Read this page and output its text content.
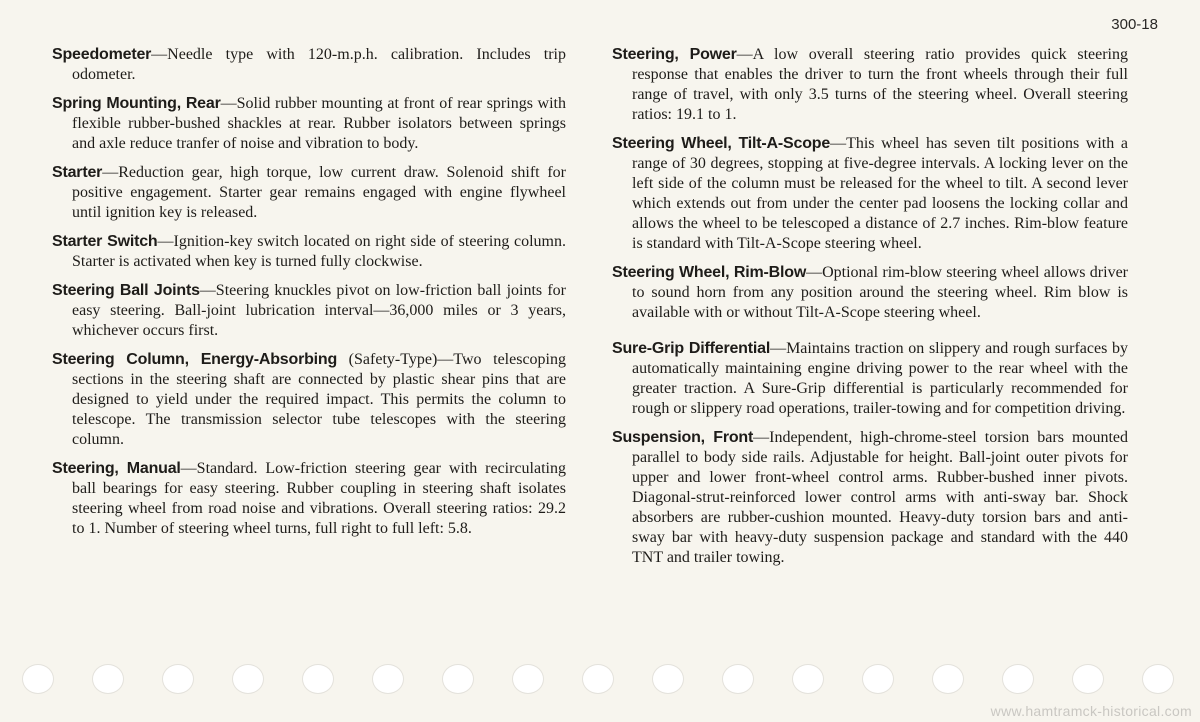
300-18

Speedometer—Needle type with 120-m.p.h. calibration. Includes trip odometer.

Spring Mounting, Rear—Solid rubber mounting at front of rear springs with flexible rubber-bushed shackles at rear. Rubber isolators between springs and axle reduce tranfer of noise and vibration to body.

Starter—Reduction gear, high torque, low current draw. Solenoid shift for positive engagement. Starter gear remains engaged with engine flywheel until ignition key is released.

Starter Switch—Ignition-key switch located on right side of steering column. Starter is activated when key is turned fully clockwise.

Steering Ball Joints—Steering knuckles pivot on low-friction ball joints for easy steering. Ball-joint lubrication interval—36,000 miles or 3 years, whichever occurs first.

Steering Column, Energy-Absorbing (Safety-Type)—Two telescoping sections in the steering shaft are connected by plastic shear pins that are designed to yield under the required impact. This permits the column to telescope. The transmission selector tube telescopes with the steering column.

Steering, Manual—Standard. Low-friction steering gear with recirculating ball bearings for easy steering. Rubber coupling in steering shaft isolates steering wheel from road noise and vibrations. Overall steering ratios: 29.2 to 1. Number of steering wheel turns, full right to full left: 5.8.

Steering, Power—A low overall steering ratio provides quick steering response that enables the driver to turn the front wheels through their full range of travel, with only 3.5 turns of the steering wheel. Overall steering ratios: 19.1 to 1.

Steering Wheel, Tilt-A-Scope—This wheel has seven tilt positions with a range of 30 degrees, stopping at five-degree intervals. A locking lever on the left side of the column must be released for the wheel to tilt. A second lever which extends out from under the center pad loosens the locking collar and allows the wheel to be telescoped a distance of 2.7 inches. Rim-blow feature is standard with Tilt-A-Scope steering wheel.

Steering Wheel, Rim-Blow—Optional rim-blow steering wheel allows driver to sound horn from any position around the steering wheel. Rim blow is available with or without Tilt-A-Scope steering wheel.

Sure-Grip Differential—Maintains traction on slippery and rough surfaces by automatically maintaining engine driving power to the rear wheel with the greater traction. A Sure-Grip differential is particularly recommended for rough or slippery road operations, trailer-towing and for competition driving.

Suspension, Front—Independent, high-chrome-steel torsion bars mounted parallel to body side rails. Adjustable for height. Ball-joint outer pivots for upper and lower front-wheel control arms. Rubber-bushed inner pivots. Diagonal-strut-reinforced lower control arms with anti-sway bar. Shock absorbers are rubber-cushion mounted. Heavy-duty torsion bars and anti-sway bar with heavy-duty suspension package and standard with the 440 TNT and trailer towing.

www.hamtramck-historical.com
